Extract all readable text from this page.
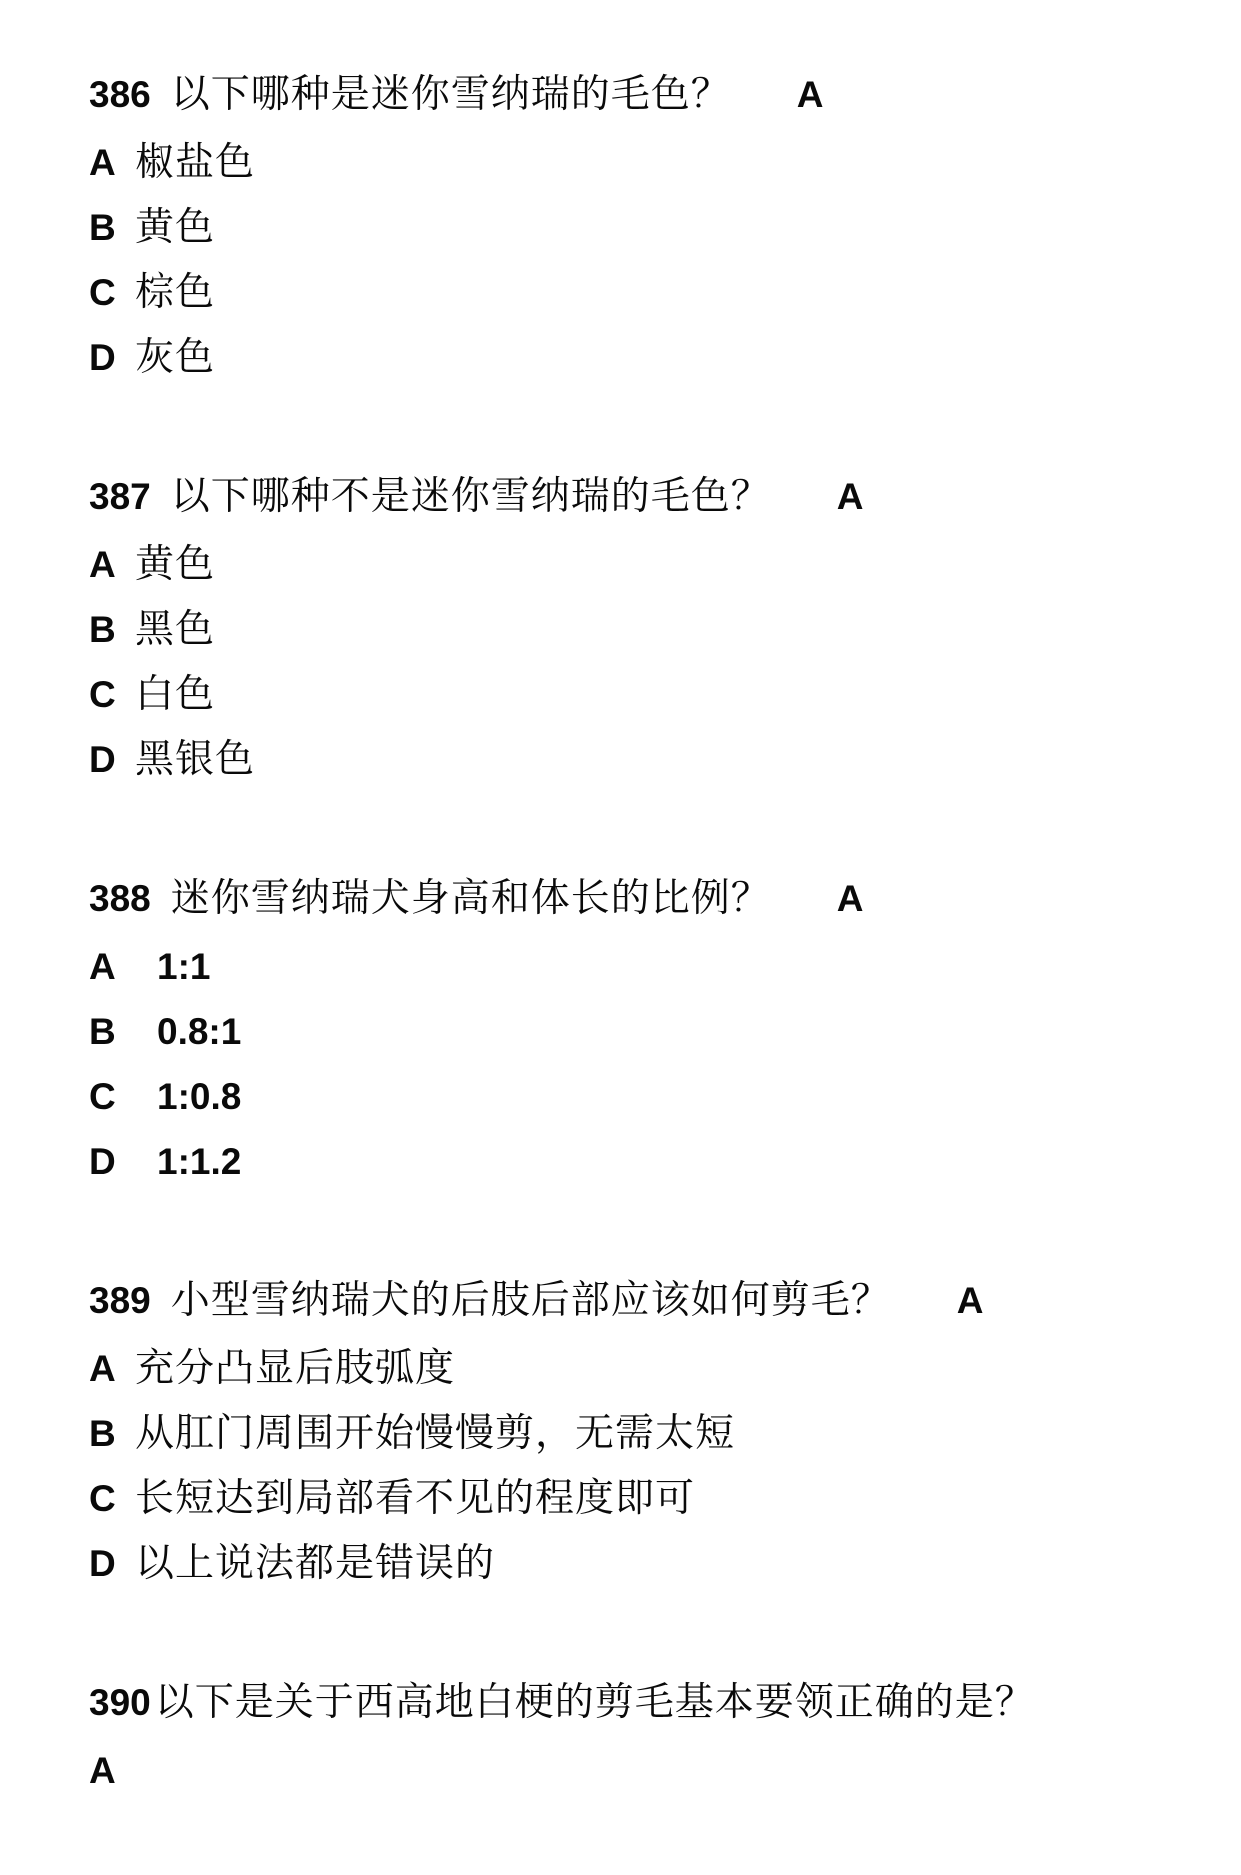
386 以下哪种是迷你雪纳瑞的毛色？ A
A 椒盐色
B 黄色
C 棕色
D 灰色
387 以下哪种不是迷你雪纳瑞的毛色？ A
A 黄色
B 黑色
C 白色
D 黑银色
388 迷你雪纳瑞犬身高和体长的比例？ A
A	1:1
B	0.8:1
C	1:0.8
D	1:1.2
389 小型雪纳瑞犬的后肢后部应该如何剪毛？ A
A 充分凸显后肢弧度
B 从肛门周围开始慢慢剪，无需太短
C 长短达到局部看不见的程度即可
D 以上说法都是错误的
390 以下是关于西高地白梗的剪毛基本要领正确的是？
A
